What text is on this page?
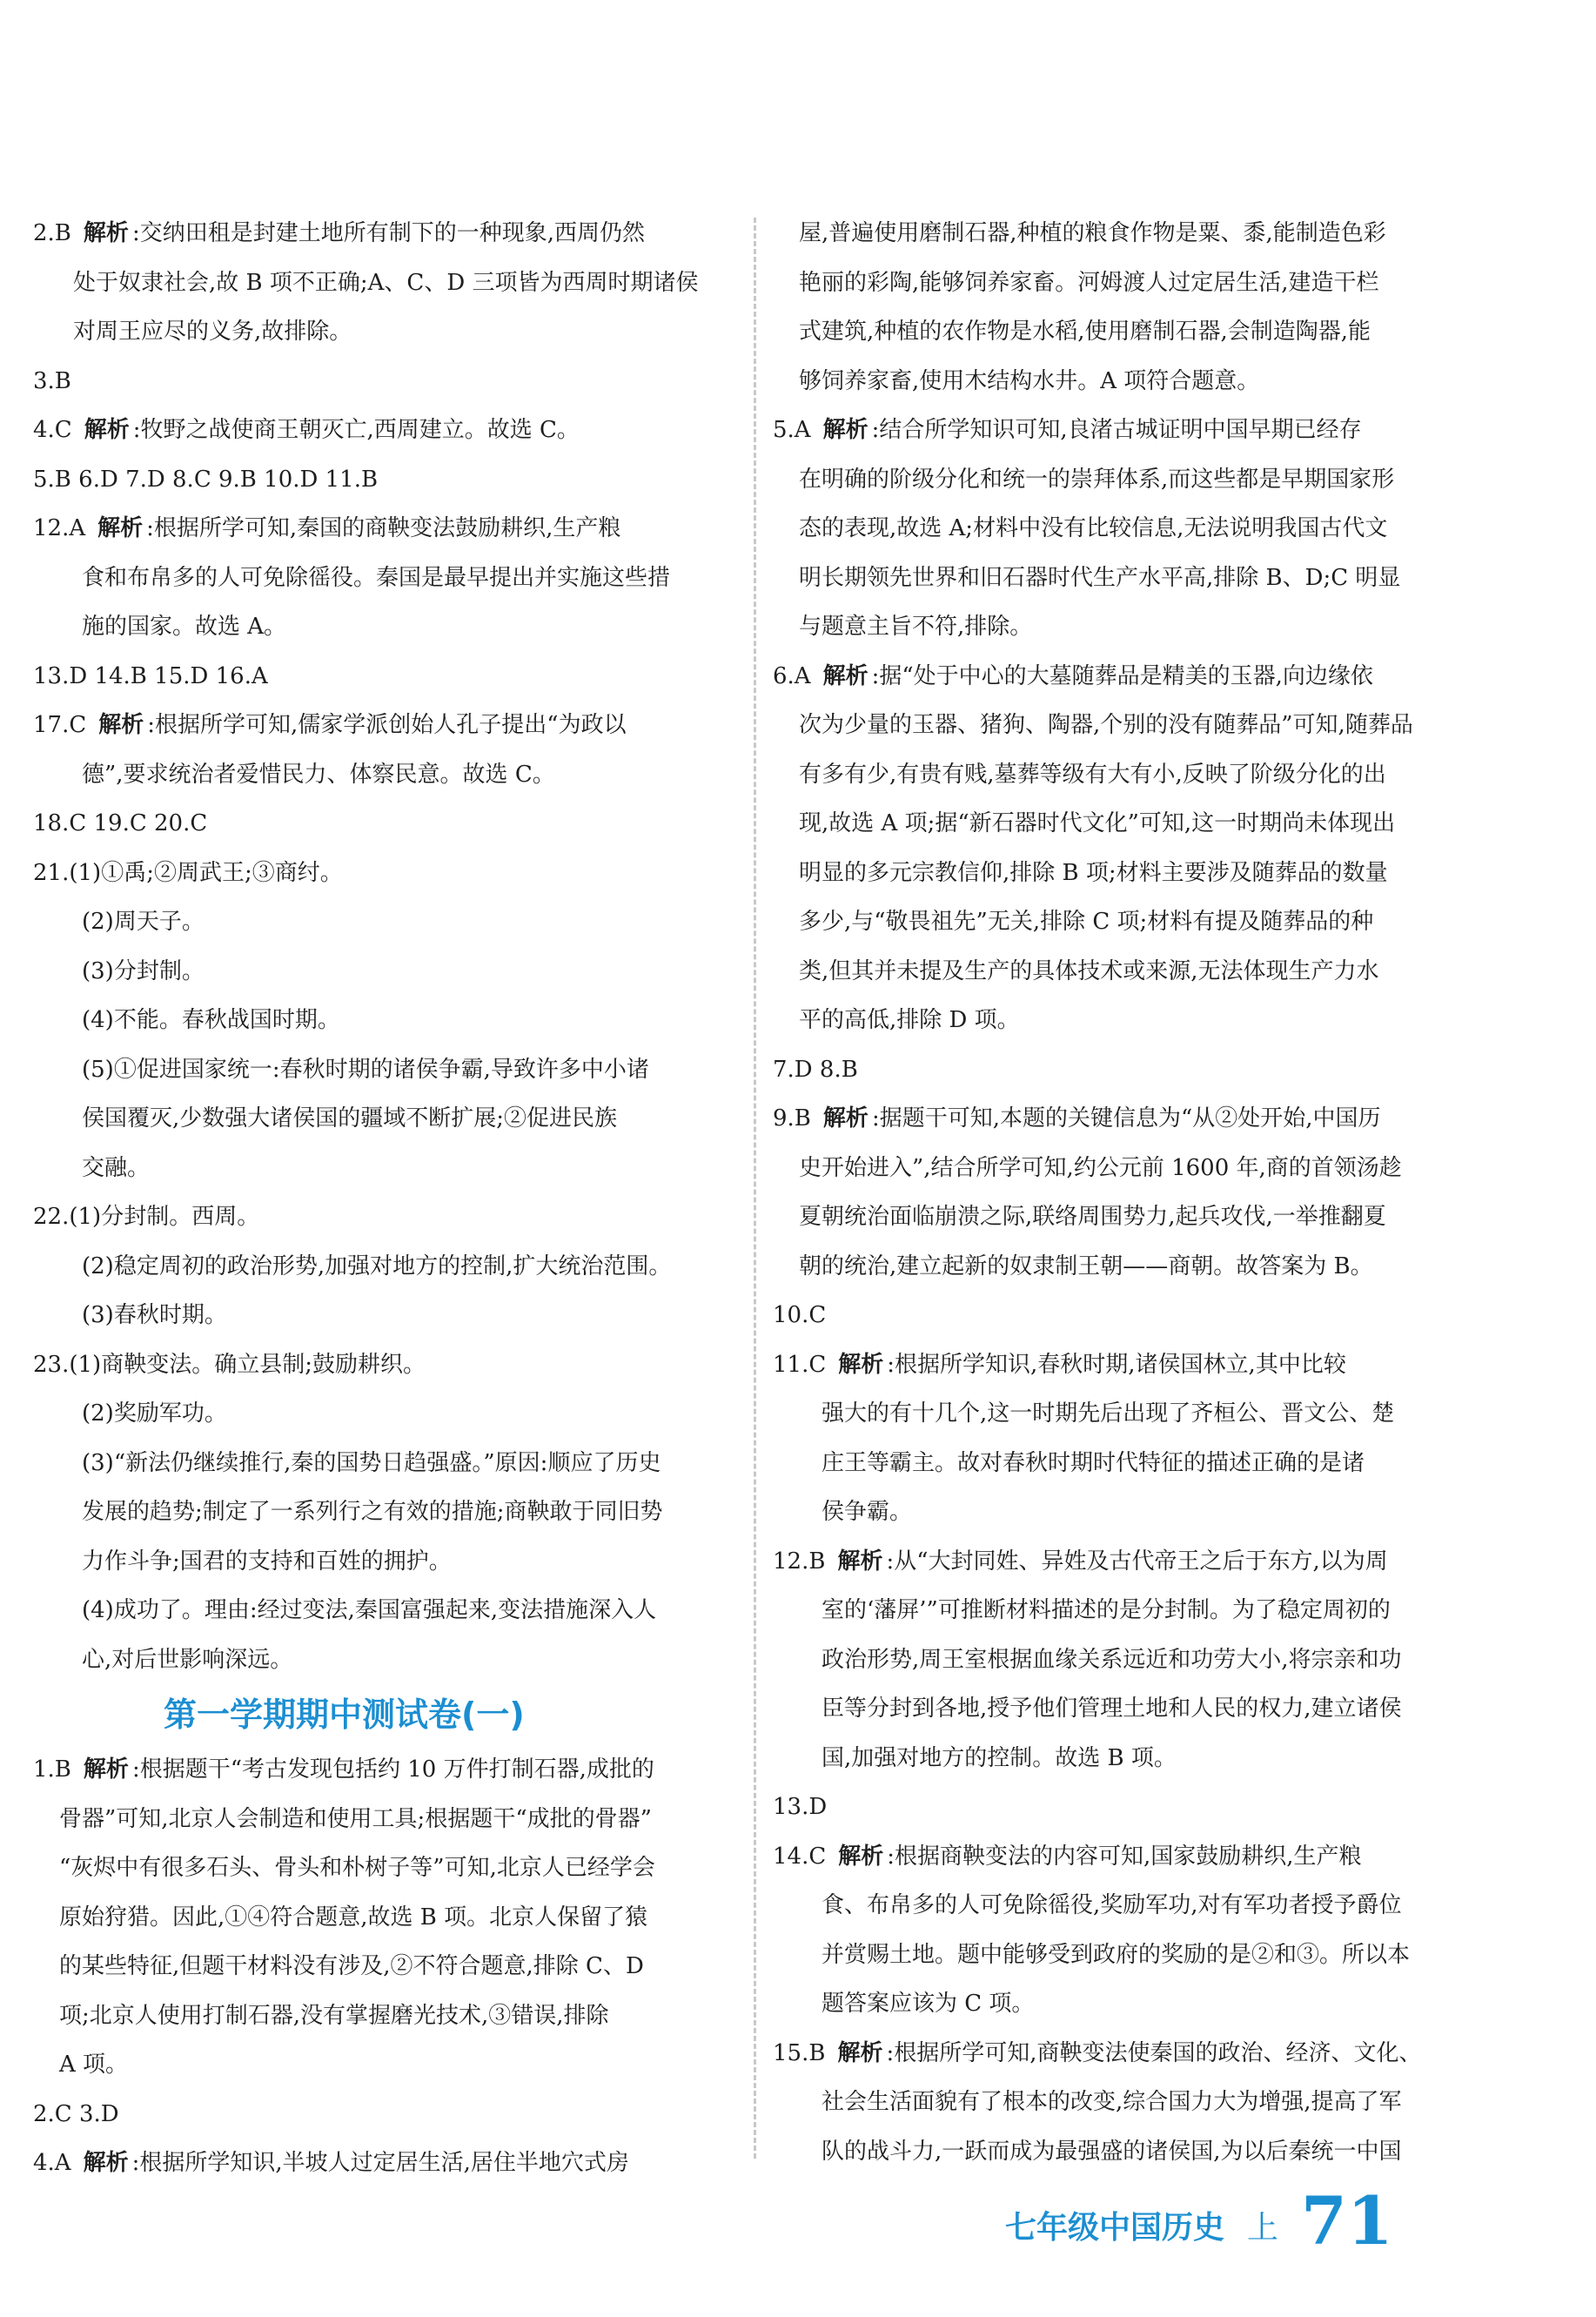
2.B 解析 :交纳田租是封建土地所有制下的一种现象,西周仍然
处于奴隶社会,故 B 项不正确;A、C、D 三项皆为西周时期诸侯
对周王应尽的义务,故排除。
3.B
4.C 解析 :牧野之战使商王朝灭亡,西周建立。故选 C。
5.B 6.D 7.D 8.C 9.B 10.D 11.B
12.A 解析 :根据所学可知,秦国的商鞅变法鼓励耕织,生产粮
食和布帛多的人可免除徭役。秦国是最早提出并实施这些措
施的国家。故选 A。
13.D 14.B 15.D 16.A
17.C 解析 :根据所学可知,儒家学派创始人孔子提出“为政以
德”,要求统治者爱惜民力、体察民意。故选 C。
18.C 19.C 20.C
21.(1)①禹;②周武王;③商纣。
(2)周天子。
(3)分封制。
(4)不能。春秋战国时期。
(5)①促进国家统一:春秋时期的诸侯争霸,导致许多中小诸
侯国覆灭,少数强大诸侯国的疆域不断扩展;②促进民族
交融。
22.(1)分封制。西周。
(2)稳定周初的政治形势,加强对地方的控制,扩大统治范围。
(3)春秋时期。
23.(1)商鞅变法。确立县制;鼓励耕织。
(2)奖励军功。
(3)“新法仍继续推行,秦的国势日趋强盛。”原因:顺应了历史
发展的趋势;制定了一系列行之有效的措施;商鞅敢于同旧势
力作斗争;国君的支持和百姓的拥护。
(4)成功了。理由:经过变法,秦国富强起来,变法措施深入人
心,对后世影响深远。
第一学期期中测试卷(一)
1.B 解析 :根据题干“考古发现包括约 10 万件打制石器,成批的
骨器”可知,北京人会制造和使用工具;根据题干“成批的骨器”
“灰烬中有很多石头、骨头和朴树子等”可知,北京人已经学会
原始狩猎。因此,①④符合题意,故选 B 项。北京人保留了猿
的某些特征,但题干材料没有涉及,②不符合题意,排除 C、D
项;北京人使用打制石器,没有掌握磨光技术,③错误,排除
A 项。
2.C 3.D
4.A 解析 :根据所学知识,半坡人过定居生活,居住半地穴式房
屋,普遍使用磨制石器,种植的粮食作物是粟、黍,能制造色彩
艳丽的彩陶,能够饲养家畜。河姆渡人过定居生活,建造干栏
式建筑,种植的农作物是水稻,使用磨制石器,会制造陶器,能
够饲养家畜,使用木结构水井。A 项符合题意。
5.A 解析 :结合所学知识可知,良渚古城证明中国早期已经存
在明确的阶级分化和统一的崇拜体系,而这些都是早期国家形
态的表现,故选 A;材料中没有比较信息,无法说明我国古代文
明长期领先世界和旧石器时代生产水平高,排除 B、D;C 明显
与题意主旨不符,排除。
6.A 解析 :据“处于中心的大墓随葬品是精美的玉器,向边缘依
次为少量的玉器、猪狗、陶器,个别的没有随葬品”可知,随葬品
有多有少,有贵有贱,墓葬等级有大有小,反映了阶级分化的出
现,故选 A 项;据“新石器时代文化”可知,这一时期尚未体现出
明显的多元宗教信仰,排除 B 项;材料主要涉及随葬品的数量
多少,与“敬畏祖先”无关,排除 C 项;材料有提及随葬品的种
类,但其并未提及生产的具体技术或来源,无法体现生产力水
平的高低,排除 D 项。
7.D 8.B
9.B 解析 :据题干可知,本题的关键信息为“从②处开始,中国历
史开始进入”,结合所学可知,约公元前 1600 年,商的首领汤趁
夏朝统治面临崩溃之际,联络周围势力,起兵攻伐,一举推翻夏
朝的统治,建立起新的奴隶制王朝——商朝。故答案为 B。
10.C
11.C 解析 :根据所学知识,春秋时期,诸侯国林立,其中比较
强大的有十几个,这一时期先后出现了齐桓公、晋文公、楚
庄王等霸主。故对春秋时期时代特征的描述正确的是诸
侯争霸。
12.B 解析 :从“大封同姓、异姓及古代帝王之后于东方,以为周
室的‘藩屏’”可推断材料描述的是分封制。为了稳定周初的
政治形势,周王室根据血缘关系远近和功劳大小,将宗亲和功
臣等分封到各地,授予他们管理土地和人民的权力,建立诸侯
国,加强对地方的控制。故选 B 项。
13.D
14.C 解析 :根据商鞅变法的内容可知,国家鼓励耕织,生产粮
食、布帛多的人可免除徭役,奖励军功,对有军功者授予爵位
并赏赐土地。题中能够受到政府的奖励的是②和③。所以本
题答案应该为 C 项。
15.B 解析 :根据所学可知,商鞅变法使秦国的政治、经济、文化、
社会生活面貌有了根本的改变,综合国力大为增强,提高了军
队的战斗力,一跃而成为最强盛的诸侯国,为以后秦统一中国
七年级中国历史 上 71
